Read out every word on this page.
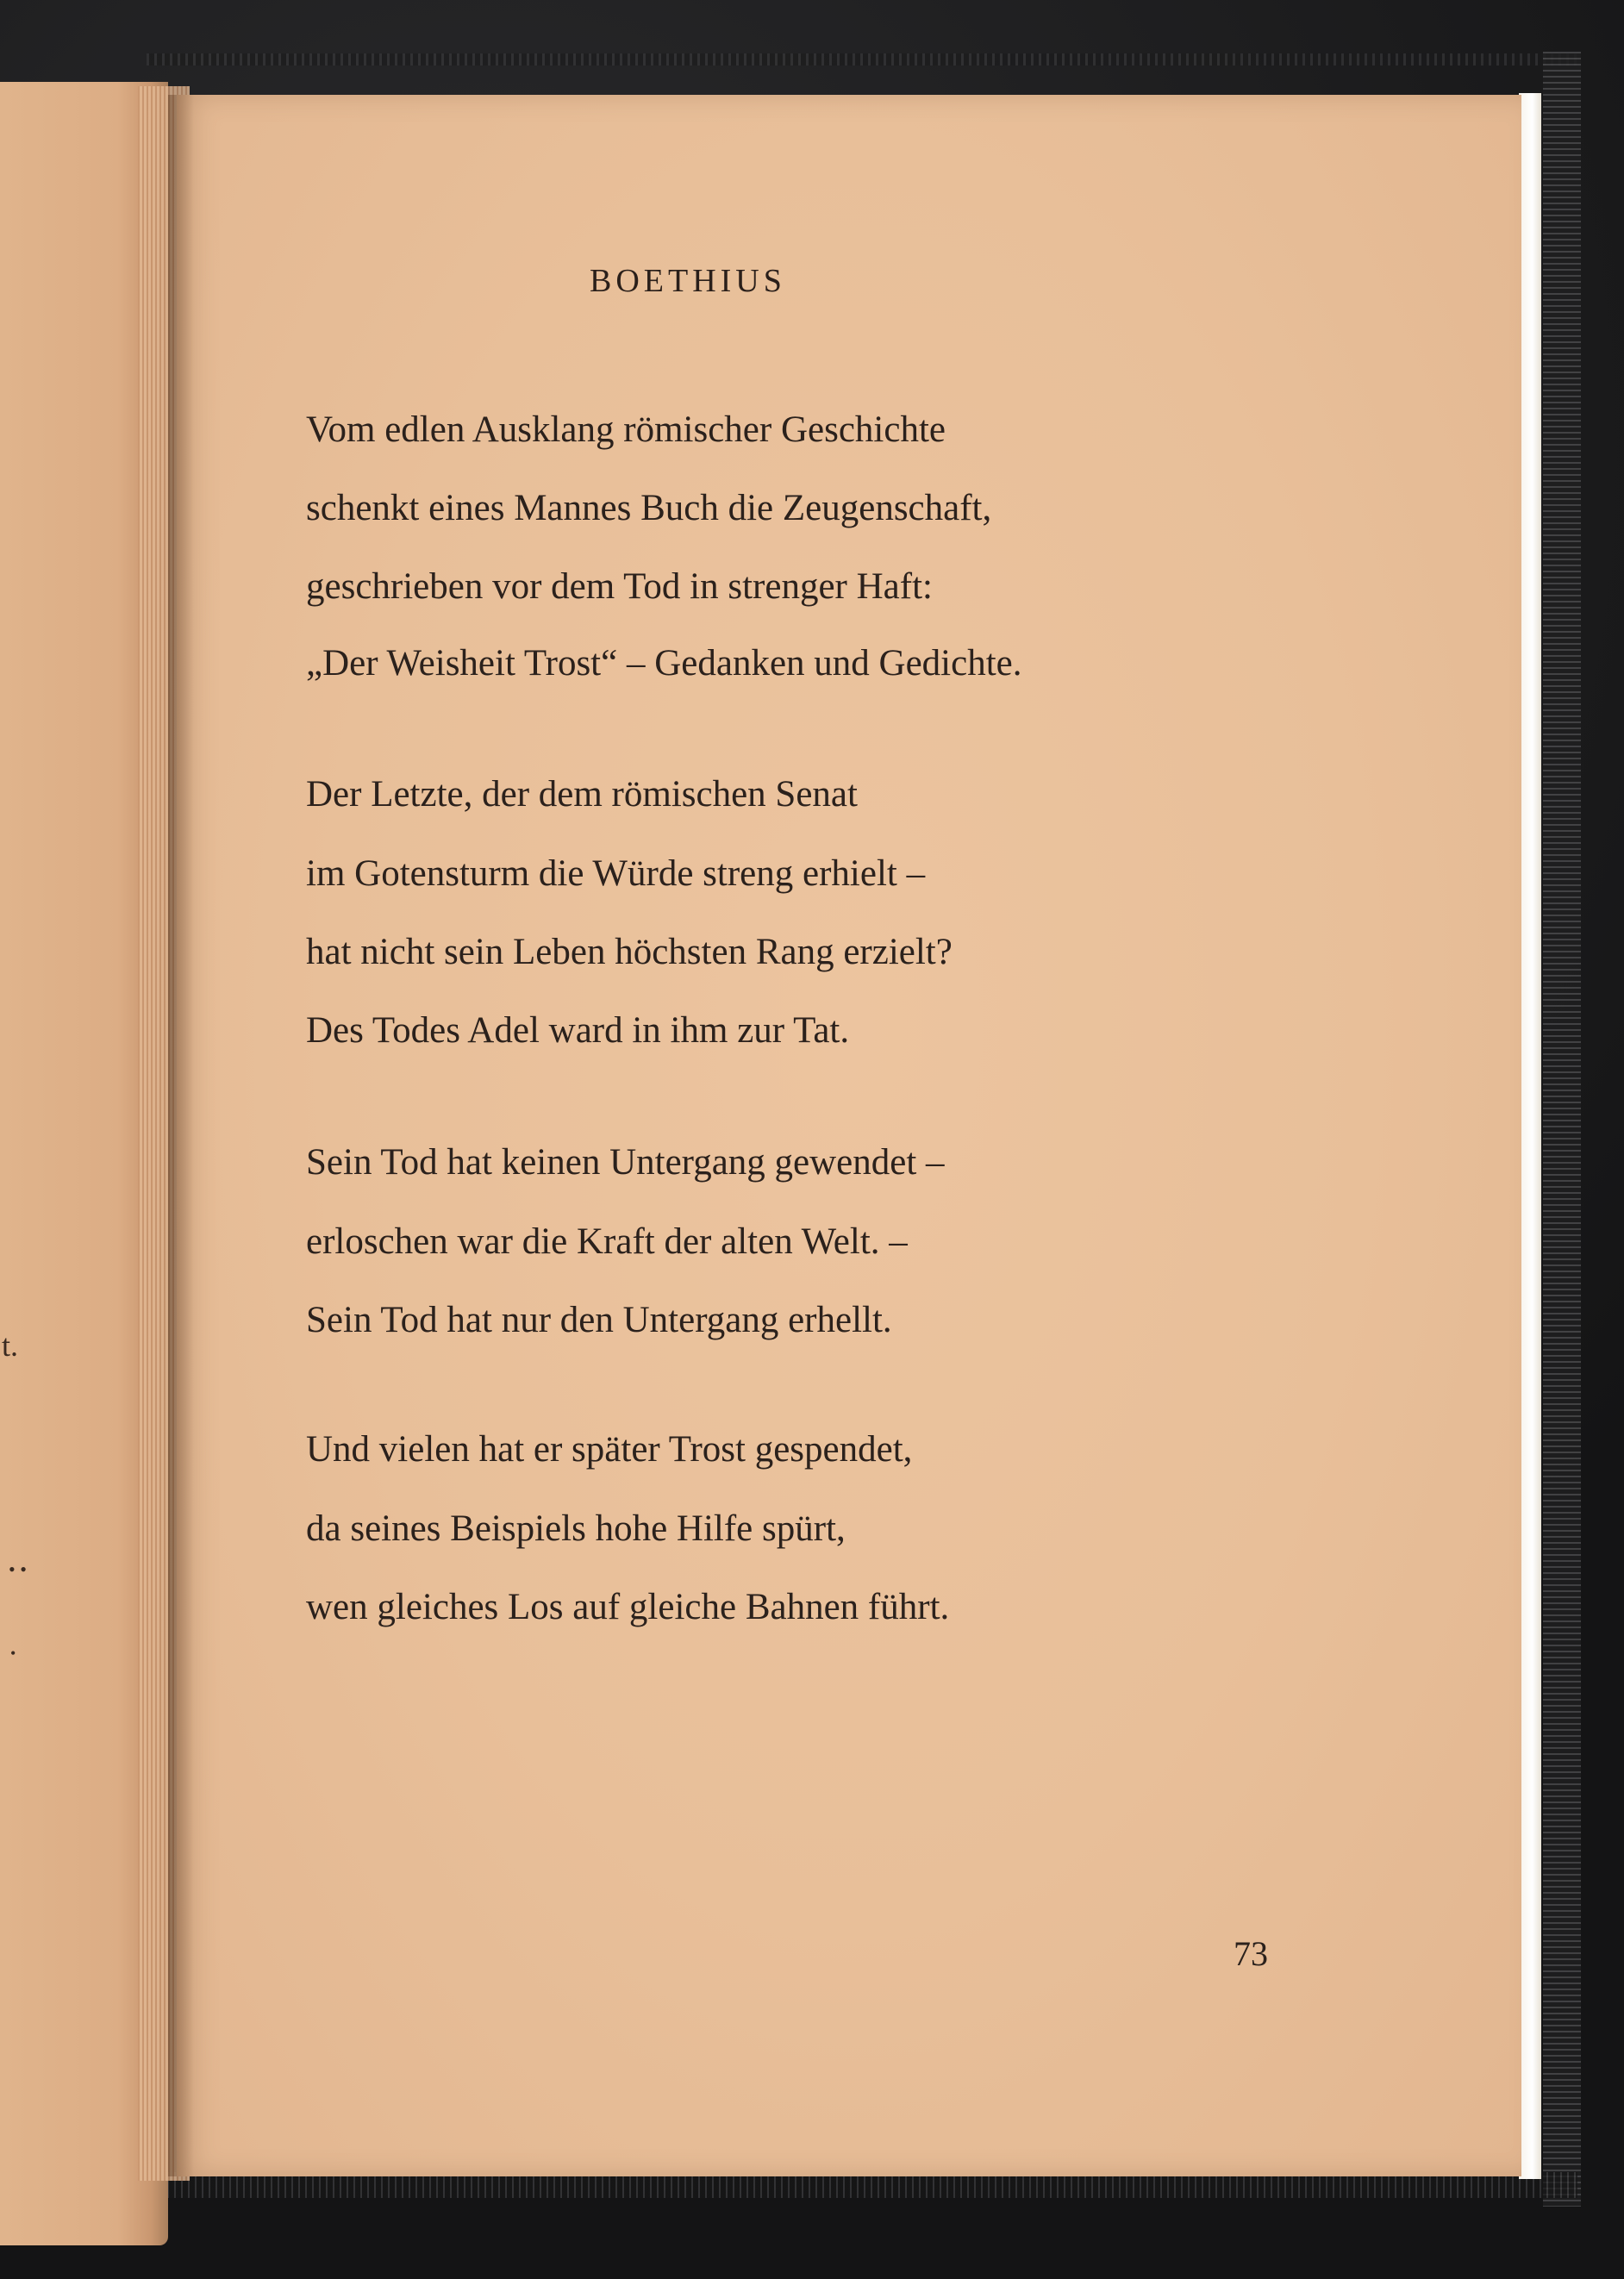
t.
• •
•
BOETHIUS
Vom edlen Ausklang römischer Geschichte
schenkt eines Mannes Buch die Zeugenschaft,
geschrieben vor dem Tod in strenger Haft:
„Der Weisheit Trost“ – Gedanken und Gedichte.
Der Letzte, der dem römischen Senat
im Gotensturm die Würde streng erhielt –
hat nicht sein Leben höchsten Rang erzielt?
Des Todes Adel ward in ihm zur Tat.
Sein Tod hat keinen Untergang gewendet –
erloschen war die Kraft der alten Welt. –
Sein Tod hat nur den Untergang erhellt.
Und vielen hat er später Trost gespendet,
da seines Beispiels hohe Hilfe spürt,
wen gleiches Los auf gleiche Bahnen führt.
73
